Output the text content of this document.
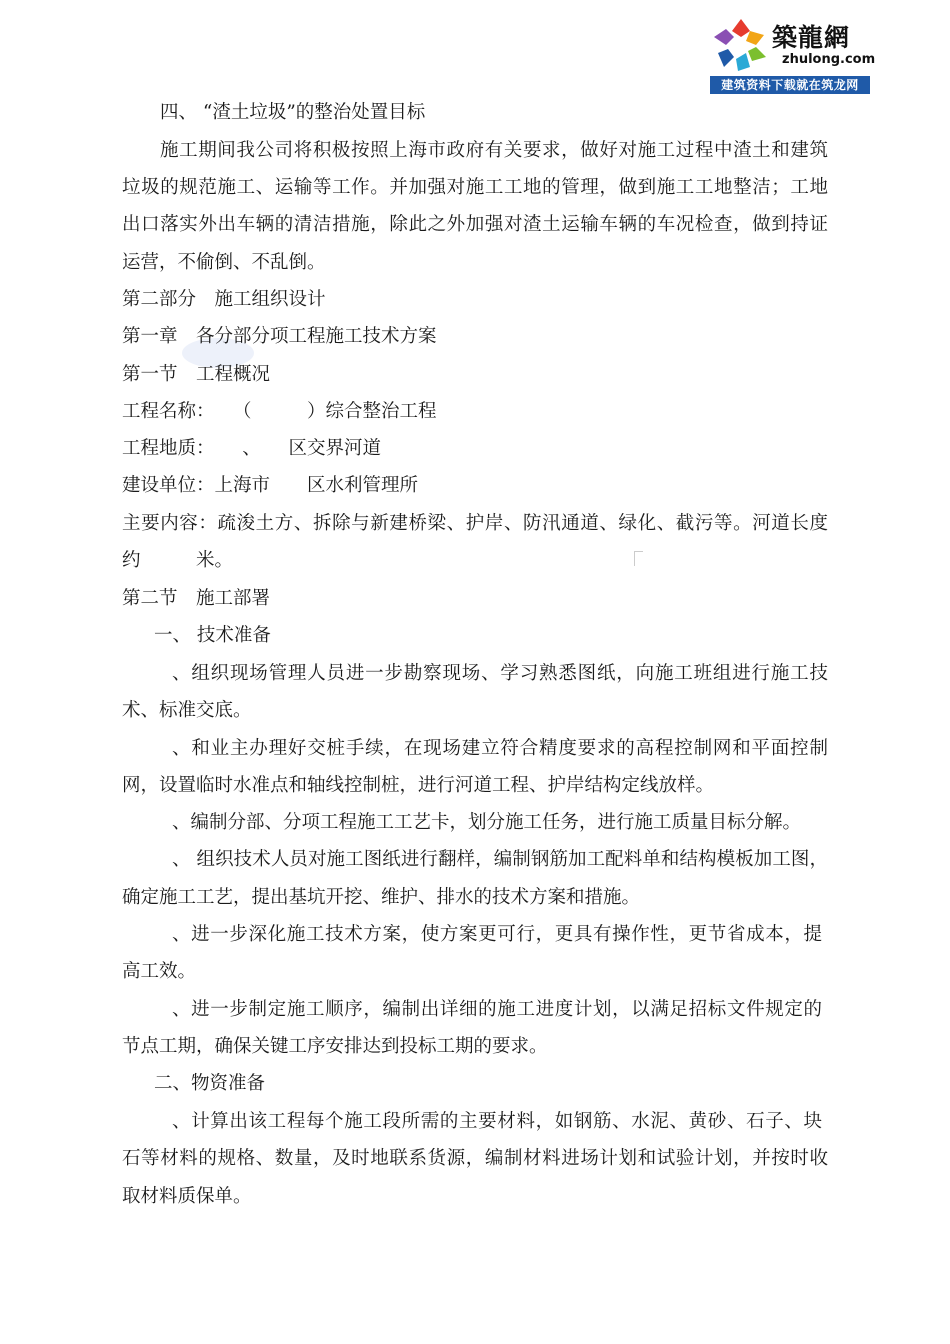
築龍網
zhulong.com
建筑资料下载就在筑龙网
四、 “渣土垃圾”的整治处置目标
施工期间我公司将积极按照上海市政府有关要求，做好对施工过程中渣土和建筑
垃圾的规范施工、运输等工作。并加强对施工工地的管理，做到施工工地整洁；工地
出口落实外出车辆的清洁措施，除此之外加强对渣土运输车辆的车况检查，做到持证
运营，不偷倒、不乱倒。
第二部分　施工组织设计
第一章　各分部分项工程施工技术方案
第一节　工程概况
工程名称：　　（　　　）综合整治工程
工程地质：　　、　　区交界河道
建设单位：上海市　　区水利管理所
主要内容：疏浚土方、拆除与新建桥梁、护岸、防汛通道、绿化、截污等。河道长度
约　　　米。
第二节　施工部署
一、 技术准备
、组织现场管理人员进一步勘察现场、学习熟悉图纸，向施工班组进行施工技
术、标准交底。
、和业主办理好交桩手续，在现场建立符合精度要求的高程控制网和平面控制
网，设置临时水准点和轴线控制桩，进行河道工程、护岸结构定线放样。
、编制分部、分项工程施工工艺卡，划分施工任务，进行施工质量目标分解。
、 组织技术人员对施工图纸进行翻样，编制钢筋加工配料单和结构模板加工图，
确定施工工艺，提出基坑开挖、维护、排水的技术方案和措施。
、进一步深化施工技术方案，使方案更可行，更具有操作性，更节省成本，提
高工效。
、进一步制定施工顺序，编制出详细的施工进度计划，以满足招标文件规定的
节点工期，确保关键工序安排达到投标工期的要求。
二、物资准备
、计算出该工程每个施工段所需的主要材料，如钢筋、水泥、黄砂、石子、块
石等材料的规格、数量，及时地联系货源，编制材料进场计划和试验计划，并按时收
取材料质保单。
